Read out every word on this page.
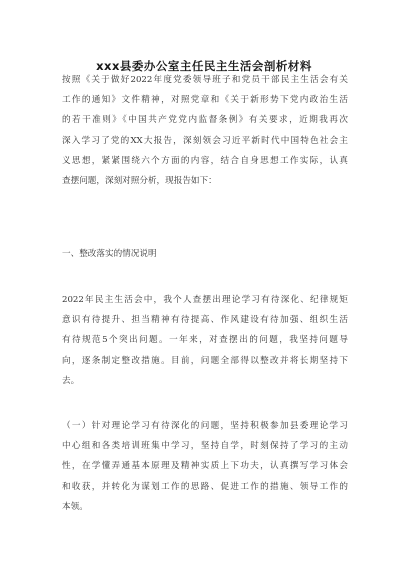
xxx县委办公室主任民主生活会剖析材料

按照《关于做好2022年度党委领导班子和党员干部民主生活会有关
工作的通知》文件精神，对照党章和《关于新形势下党内政治生活
的若干准则》《中国共产党党内监督条例》有关要求，近期我再次
深入学习了党的XX大报告，深刻领会习近平新时代中国特色社会主
义思想，紧紧围绕六个方面的内容，结合自身思想工作实际，认真
查摆问题，深刻对照分析，现报告如下：

一、整改落实的情况说明

2022年民主生活会中，我个人查摆出理论学习有待深化、纪律规矩
意识有待提升、担当精神有待提高、作风建设有待加强、组织生活
有待规范5个突出问题。一年来，对查摆出的问题，我坚持问题导
向，逐条制定整改措施。目前，问题全部得以整改并将长期坚持下
去。

（一）针对理论学习有待深化的问题，坚持积极参加县委理论学习
中心组和各类培训班集中学习，坚持自学，时刻保持了学习的主动
性，在学懂弄通基本原理及精神实质上下功夫，认真撰写学习体会
和收获，并转化为谋划工作的思路、促进工作的措施、领导工作的
本领。
